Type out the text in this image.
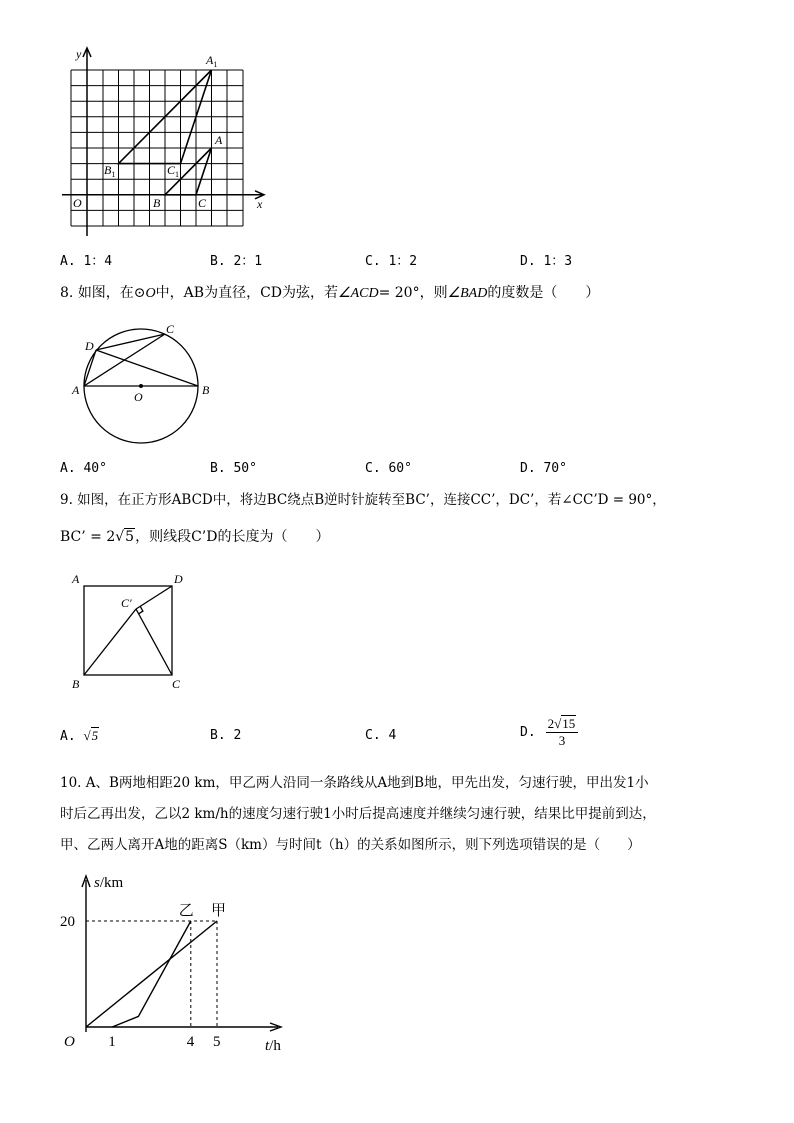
y
x
O
$A_1$
A
$B_1$	$C_1$
B	C
A. 1：4	B. 2：1	C. 1：2	D. 1：3
8. 如图，在⊙O中，AB为直径，CD为弦，若∠ACD= 20°，则∠BAD的度数是（　　）
A	B
C
D
O
A. 40°	B. 50°	C. 60°	D. 70°
9. 如图，在正方形ABCD中，将边BC绕点B逆时针旋转至BC’，连接CC’，DC’，若∠CC’D = 90°，
BC’ = 2√5，则线段C’D的长度为（　　）
A	D
B	C
C′
A. √5	B. 2	C. 4	D. $\frac{2√15}{3}$
10. A、B两地相距20 km，甲乙两人沿同一条路线从A地到B地，甲先出发，匀速行驶，甲出发1小
时后乙再出发，乙以2 km/h的速度匀速行驶1小时后提高速度并继续匀速行驶，结果比甲提前到达，
甲、乙两人离开A地的距离S（km）与时间t（h）的关系如图所示，则下列选项错误的是（　　）
1	4 5
20
O
s/km
t/h
甲
乙
